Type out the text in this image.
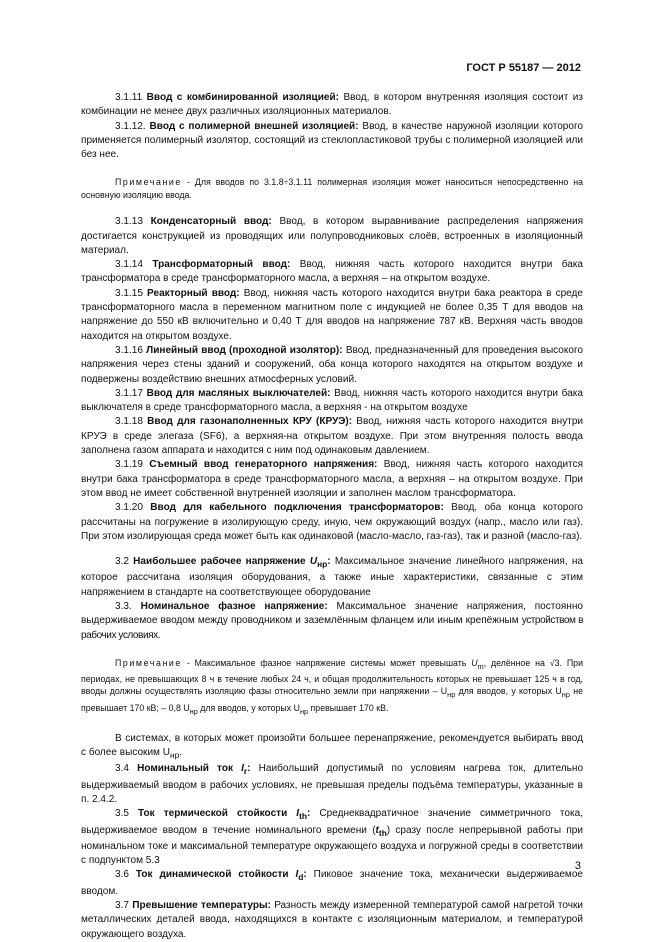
ГОСТ Р 55187 — 2012

3.1.11 Ввод с комбинированной изоляцией: Ввод, в котором внутренняя изоляция состоит из комбинации не менее двух различных изоляционных материалов.

3.1.12. Ввод с полимерной внешней изоляцией: Ввод, в качестве наружной изоляции которого применяется полимерный изолятор, состоящий из стеклопластиковой трубы с полимерной изоляцией или без нее.

Примечание - Для вводов по 3.1.8÷3.1.11 полимерная изоляция может наноситься непосредственно на основную изоляцию ввода.

3.1.13 Конденсаторный ввод: Ввод, в котором выравнивание распределения напряжения достигается конструкцией из проводящих или полупроводниковых слоёв, встроенных в изоляционный материал.

3.1.14 Трансформаторный ввод: Ввод, нижняя часть которого находится внутри бака трансформатора в среде трансформаторного масла, а верхняя – на открытом воздухе.

3.1.15 Реакторный ввод: Ввод, нижняя часть которого находится внутри бака реактора в среде трансформаторного масла в переменном магнитном поле с индукцией не более 0,35 Т для вводов на напряжение до 550 кВ включительно и 0,40 Т для вводов на напряжение 787 кВ. Верхняя часть вводов находится на открытом воздухе.

3.1.16 Линейный ввод (проходной изолятор): Ввод, предназначенный для проведения высокого напряжения через стены зданий и сооружений, оба конца которого находятся на открытом воздухе и подвержены воздействию внешних атмосферных условий.

3.1.17 Ввод для масляных выключателей: Ввод, нижняя часть которого находится внутри бака выключателя в среде трансформаторного масла, а верхняя - на открытом воздухе

3.1.18 Ввод для газонаполненных КРУ (КРУЭ): Ввод, нижняя часть которого находится внутри КРУЭ в среде элегаза (SF6), а верхняя-на открытом воздухе. При этом внутренняя полость ввода заполнена газом аппарата и находится с ним под одинаковым давлением.

3.1.19 Съемный ввод генераторного напряжения: Ввод, нижняя часть которого находится внутри бака трансформатора в среде трансформаторного масла, а верхняя – на открытом воздухе. При этом ввод не имеет собственной внутренней изоляции и заполнен маслом трансформатора.

3.1.20 Ввод для кабельного подключения трансформаторов: Ввод, оба конца которого рассчитаны на погружение в изолирующую среду, иную, чем окружающий воздух (напр., масло или газ). При этом изолирующая среда может быть как одинаковой (масло-масло, газ-газ), так и разной (масло-газ).

3.2 Наибольшее рабочее напряжение $U_{нр}$: Максимальное значение линейного напряжения, на которое рассчитана изоляция оборудования, а также иные характеристики, связанные с этим напряжением в стандарте на соответствующее оборудование

3.3. Номинальное фазное напряжение: Максимальное значение напряжения, постоянно выдерживаемое вводом между проводником и заземлённым фланцем или иным крепёжным устройством в рабочих условиях.

Примечание - Максимальное фазное напряжение системы может превышать $U_m$, делённое на √3. При периодах, не превышающих 8 ч в течение любых 24 ч, и общая продолжительность которых не превышает 125 ч в год, вводы должны осуществлять изоляцию фазы относительно земли при напряжении – $U_{нр}$ для вводов, у которых $U_{нр}$ не превышает 170 кВ; – 0,8 $U_{нр}$ для вводов, у которых $U_{нр}$ превышает 170 кВ.

В системах, в которых может произойти большее перенапряжение, рекомендуется выбирать ввод с более высоким $U_{нр}$.

3.4 Номинальный ток $I_r$: Наибольший допустимый по условиям нагрева ток, длительно выдерживаемый вводом в рабочих условиях, не превышая пределы подъёма температуры, указанные в п. 2.4.2.

3.5 Ток термической стойкости $I_{th}$: Среднеквадратичное значение симметричного тока, выдерживаемое вводом в течение номинального времени $(t_{th})$ сразу после непрерывной работы при номинальном токе и максимальной температуре окружающего воздуха и погружной среды в соответствии с подпунктом 5.3

3.6 Ток динамической стойкости $I_d$: Пиковое значение тока, механически выдерживаемое вводом.

3.7 Превышение температуры: Разность между измеренной температурой самой нагретой точки металлических деталей ввода, находящихся в контакте с изоляционным материалом, и температурой окружающего воздуха.

3
